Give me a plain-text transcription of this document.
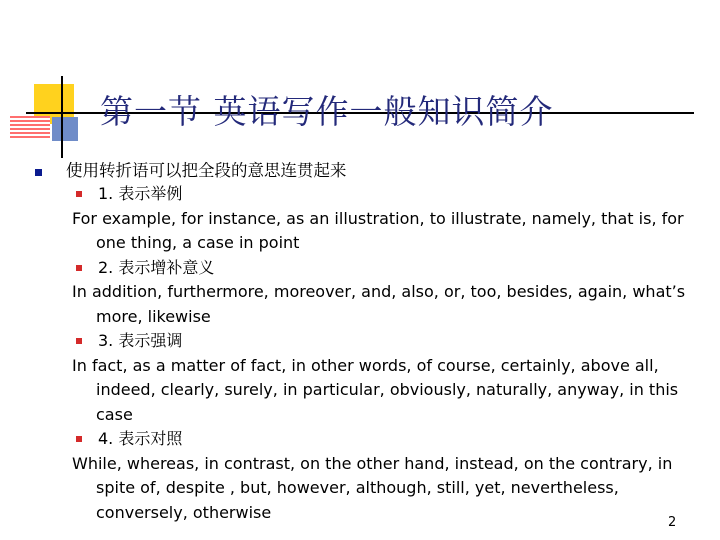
第一节 英语写作一般知识简介
使用转折语可以把全段的意思连贯起来
1. 表示举例
For example, for instance, as an illustration, to illustrate, namely, that is, for one thing, a case in point
2. 表示增补意义
In addition, furthermore, moreover, and, also, or, too, besides, again, what’s more, likewise
3. 表示强调
In fact, as a matter of fact, in other words, of course, certainly, above all, indeed, clearly, surely, in particular, obviously, naturally, anyway, in this case
4. 表示对照
While, whereas, in contrast, on the other hand, instead, on the contrary, in spite of, despite , but, however, although, still, yet, nevertheless, conversely, otherwise
2
